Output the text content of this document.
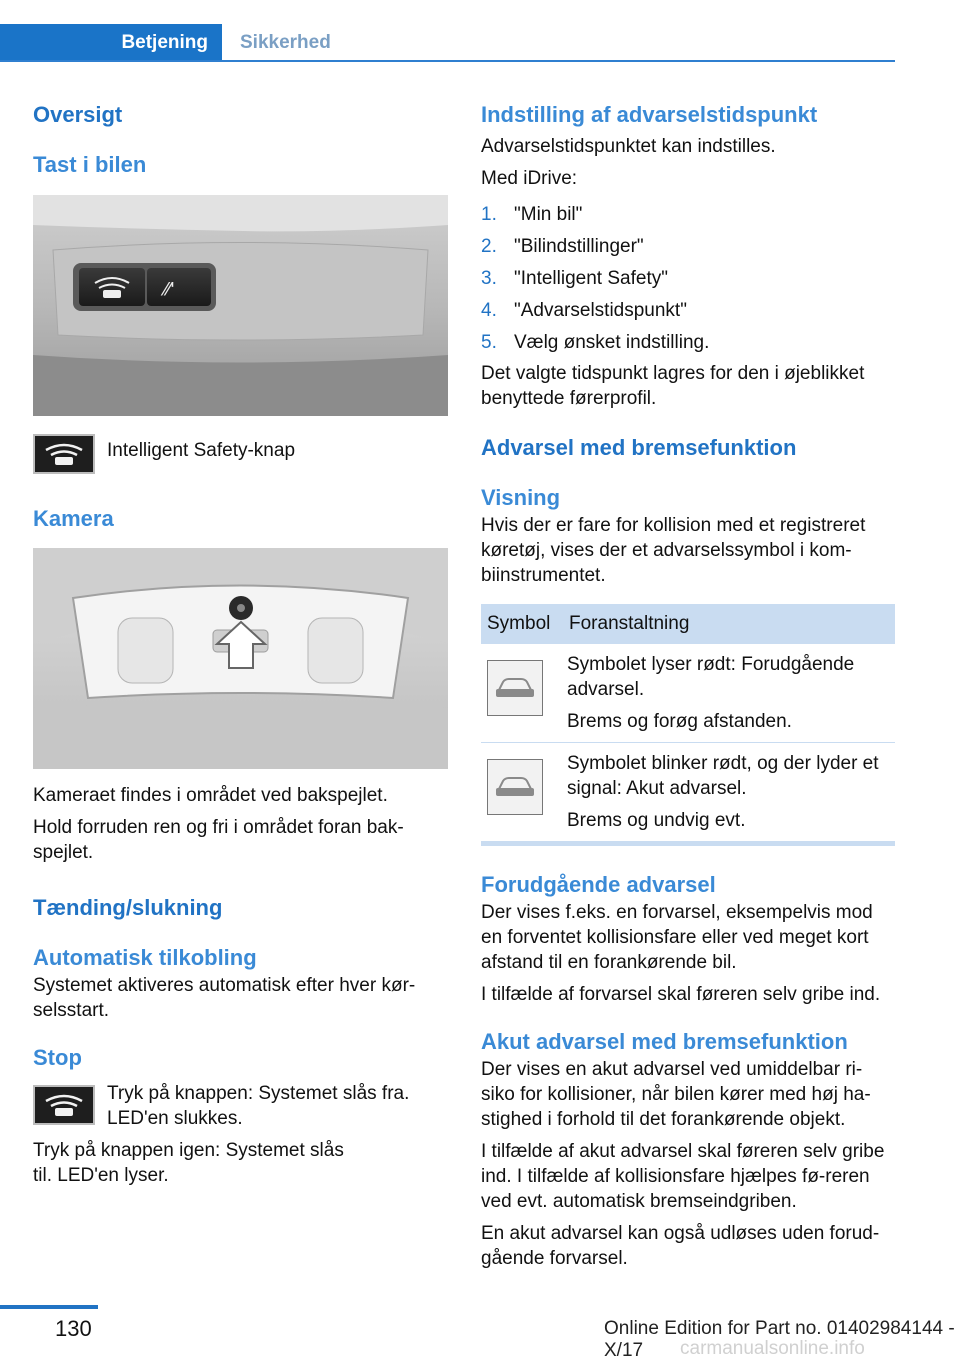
Betjening	Sikkerhed
Oversigt
Tast i bilen
⁄⁄'

Intelligent Safety-knap

Kamera

Kameraet findes i området ved bakspejlet.

Hold forruden ren og fri i området foran bak-spejlet.

Tænding/slukning
Automatisk tilkobling

Systemet aktiveres automatisk efter hver kør-selsstart.

Stop

Tryk på knappen: Systemet slås fra. LED'en slukkes.

Tryk på knappen igen: Systemet slås til. LED'en lyser.

Indstilling af advarselstidspunkt

Advarselstidspunktet kan indstilles.

Med iDrive:

1. "Min bil"
2. "Bilindstillinger"
3. "Intelligent Safety"
4. "Advarselstidspunkt"
5. Vælg ønsket indstilling.

Det valgte tidspunkt lagres for den i øjeblikket benyttede førerprofil.

Advarsel med bremsefunktion
Visning

Hvis der er fare for kollision med et registreret køretøj, vises der et advarselssymbol i kom-biinstrumentet.

Symbol	Foranstaltning

Symbolet lyser rødt: Forudgående advarsel.

Brems og forøg afstanden.

Symbolet blinker rødt, og der lyder et signal: Akut advarsel.

Brems og undvig evt.

Forudgående advarsel

Der vises f.eks. en forvarsel, eksempelvis mod en forventet kollisionsfare eller ved meget kort afstand til en forankørende bil.

I tilfælde af forvarsel skal føreren selv gribe ind.

Akut advarsel med bremsefunktion

Der vises en akut advarsel ved umiddelbar ri-siko for kollisioner, når bilen kører med høj ha-stighed i forhold til det forankørende objekt.

I tilfælde af akut advarsel skal føreren selv gribe ind. I tilfælde af kollisionsfare hjælpes fø-reren ved evt. automatisk bremseindgriben.

En akut advarsel kan også udløses uden forud-gående forvarsel.

130	Online Edition for Part no. 01402984144 - X/17	carmanualsonline.info
